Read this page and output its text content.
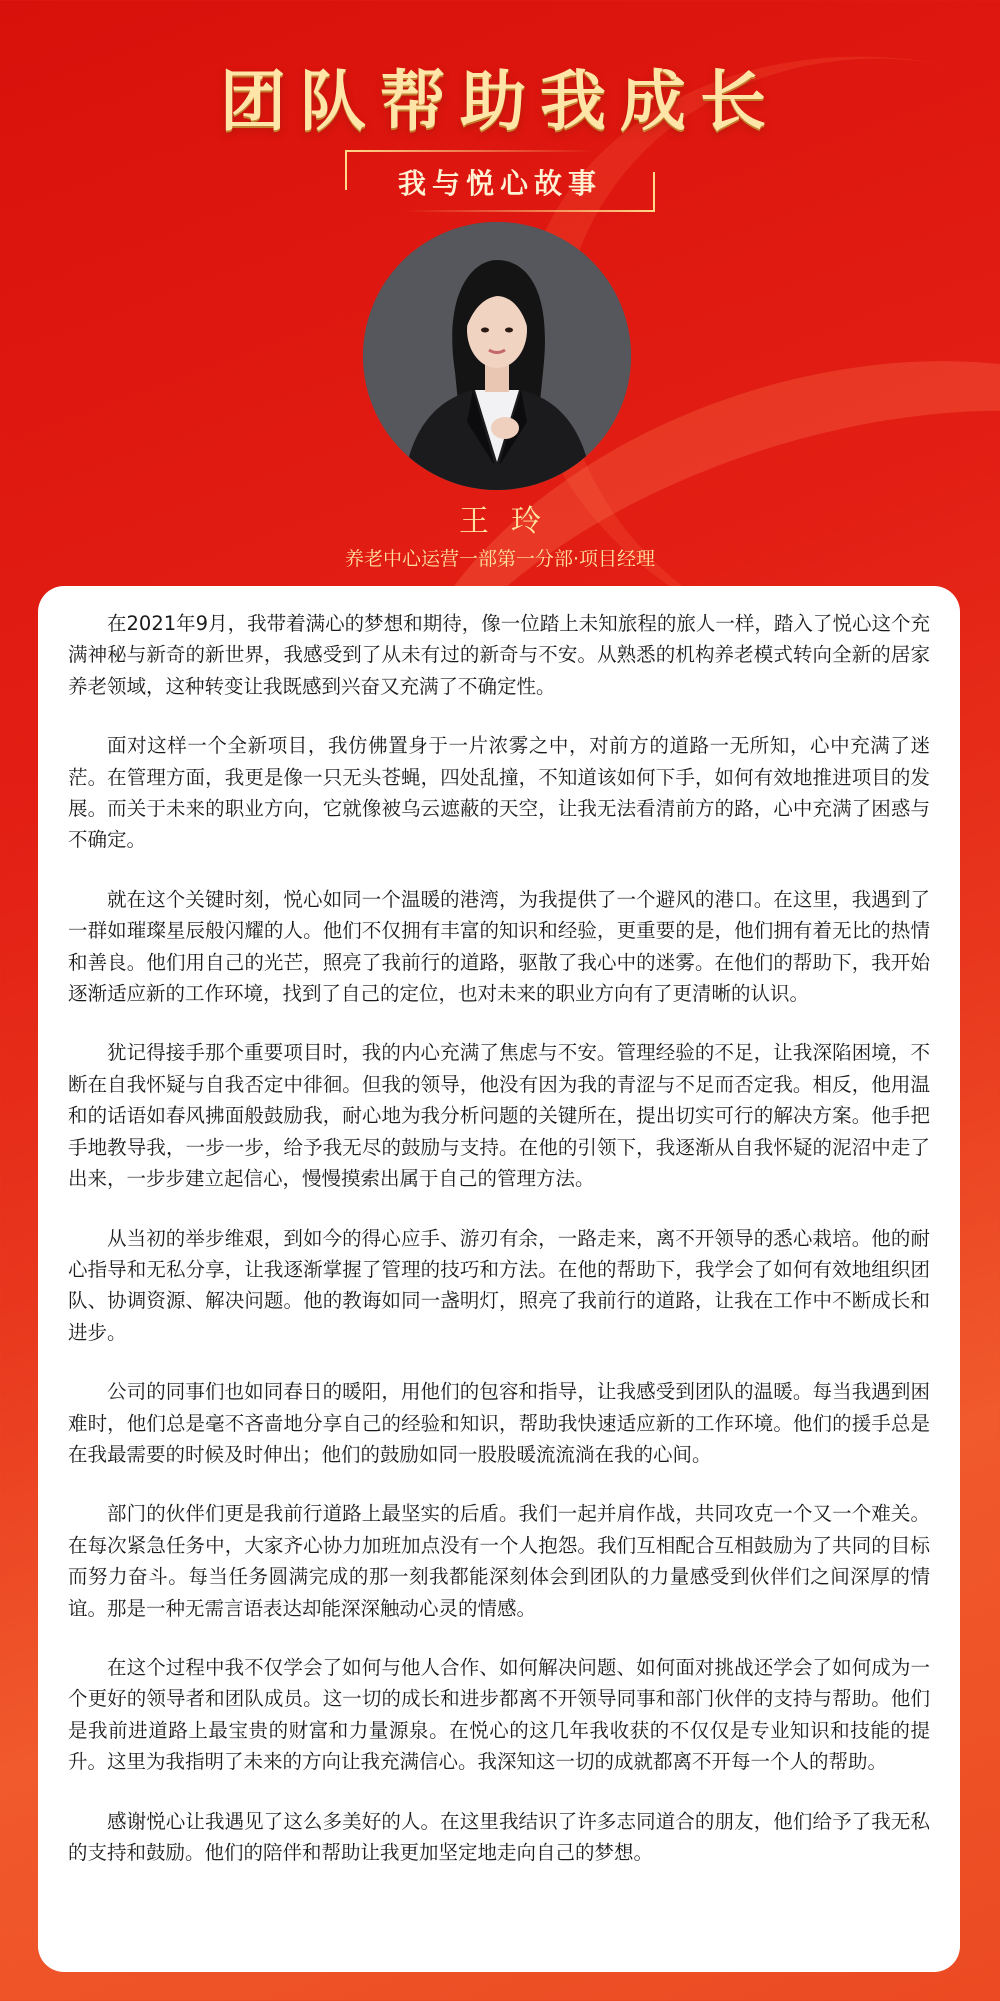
团队帮助我成长
我与悦心故事
王玲
养老中心运营一部第一分部·项目经理

在2021年9月，我带着满心的梦想和期待，像一位踏上未知旅程的旅人一样，踏入了悦心这个充满神秘与新奇的新世界，我感受到了从未有过的新奇与不安。从熟悉的机构养老模式转向全新的居家养老领域，这种转变让我既感到兴奋又充满了不确定性。

面对这样一个全新项目，我仿佛置身于一片浓雾之中，对前方的道路一无所知，心中充满了迷茫。在管理方面，我更是像一只无头苍蝇，四处乱撞，不知道该如何下手，如何有效地推进项目的发展。而关于未来的职业方向，它就像被乌云遮蔽的天空，让我无法看清前方的路，心中充满了困惑与不确定。

就在这个关键时刻，悦心如同一个温暖的港湾，为我提供了一个避风的港口。在这里，我遇到了一群如璀璨星辰般闪耀的人。他们不仅拥有丰富的知识和经验，更重要的是，他们拥有着无比的热情和善良。他们用自己的光芒，照亮了我前行的道路，驱散了我心中的迷雾。在他们的帮助下，我开始逐渐适应新的工作环境，找到了自己的定位，也对未来的职业方向有了更清晰的认识。

犹记得接手那个重要项目时，我的内心充满了焦虑与不安。管理经验的不足，让我深陷困境，不断在自我怀疑与自我否定中徘徊。但我的领导，他没有因为我的青涩与不足而否定我。相反，他用温和的话语如春风拂面般鼓励我，耐心地为我分析问题的关键所在，提出切实可行的解决方案。他手把手地教导我，一步一步，给予我无尽的鼓励与支持。在他的引领下，我逐渐从自我怀疑的泥沼中走了出来，一步步建立起信心，慢慢摸索出属于自己的管理方法。

从当初的举步维艰，到如今的得心应手、游刃有余，一路走来，离不开领导的悉心栽培。他的耐心指导和无私分享，让我逐渐掌握了管理的技巧和方法。在他的帮助下，我学会了如何有效地组织团队、协调资源、解决问题。他的教诲如同一盏明灯，照亮了我前行的道路，让我在工作中不断成长和进步。

公司的同事们也如同春日的暖阳，用他们的包容和指导，让我感受到团队的温暖。每当我遇到困难时，他们总是毫不吝啬地分享自己的经验和知识，帮助我快速适应新的工作环境。他们的援手总是在我最需要的时候及时伸出；他们的鼓励如同一股股暖流流淌在我的心间。

部门的伙伴们更是我前行道路上最坚实的后盾。我们一起并肩作战，共同攻克一个又一个难关。在每次紧急任务中，大家齐心协力加班加点没有一个人抱怨。我们互相配合互相鼓励为了共同的目标而努力奋斗。每当任务圆满完成的那一刻我都能深刻体会到团队的力量感受到伙伴们之间深厚的情谊。那是一种无需言语表达却能深深触动心灵的情感。

在这个过程中我不仅学会了如何与他人合作、如何解决问题、如何面对挑战还学会了如何成为一个更好的领导者和团队成员。这一切的成长和进步都离不开领导同事和部门伙伴的支持与帮助。他们是我前进道路上最宝贵的财富和力量源泉。在悦心的这几年我收获的不仅仅是专业知识和技能的提升。这里为我指明了未来的方向让我充满信心。我深知这一切的成就都离不开每一个人的帮助。

感谢悦心让我遇见了这么多美好的人。在这里我结识了许多志同道合的朋友，他们给予了我无私的支持和鼓励。他们的陪伴和帮助让我更加坚定地走向自己的梦想。
